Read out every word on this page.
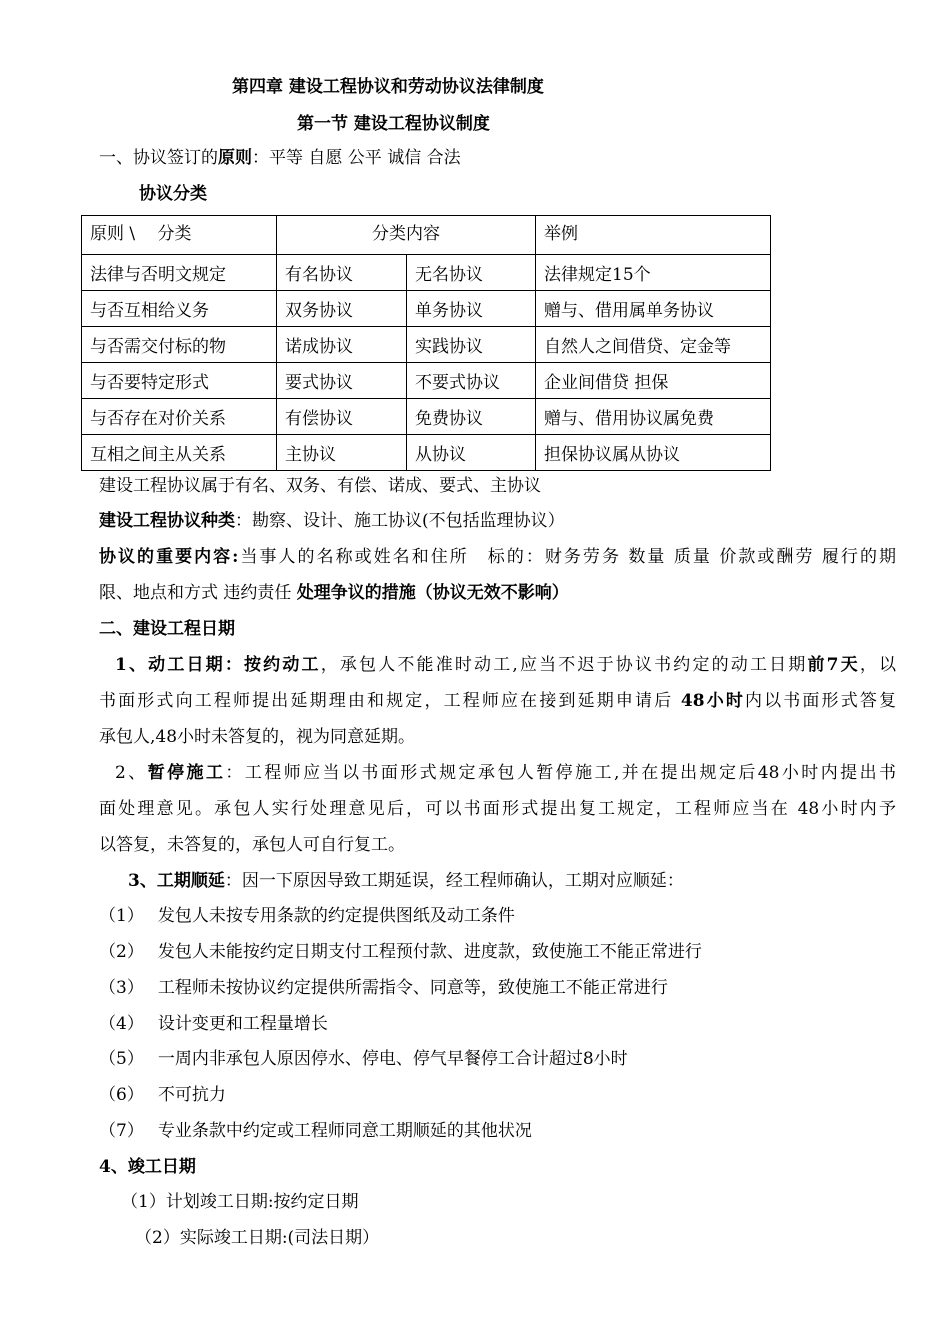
第四章 建设工程协议和劳动协议法律制度
第一节 建设工程协议制度
一、协议签订的原则：平等 自愿 公平 诚信 合法
协议分类
原则 \ 　分类	分类内容		举例
法律与否明文规定	有名协议	无名协议	法律规定15个
与否互相给义务	双务协议	单务协议	赠与、借用属单务协议
与否需交付标的物	诺成协议	实践协议	自然人之间借贷、定金等
与否要特定形式	要式协议	不要式协议	企业间借贷 担保
与否存在对价关系	有偿协议	免费协议	赠与、借用协议属免费
互相之间主从关系	主协议	从协议	担保协议属从协议
建设工程协议属于有名、双务、有偿、诺成、要式、主协议
建设工程协议种类：勘察、设计、施工协议(不包括监理协议）
协议的重要内容:当事人的名称或姓名和住所　标的：财务劳务 数量 质量 价款或酬劳 履行的期
限、地点和方式 违约责任 处理争议的措施（协议无效不影响）
二、建设工程日期
1、动工日期：按约动工，承包人不能准时动工,应当不迟于协议书约定的动工日期前7天，以
书面形式向工程师提出延期理由和规定，工程师应在接到延期申请后 48小时内以书面形式答复
承包人,48小时未答复的，视为同意延期。
2、暂停施工：工程师应当以书面形式规定承包人暂停施工,并在提出规定后48小时内提出书
面处理意见。承包人实行处理意见后，可以书面形式提出复工规定，工程师应当在 48小时内予
以答复，未答复的，承包人可自行复工。
3、工期顺延：因一下原因导致工期延误，经工程师确认，工期对应顺延：
（1） 发包人未按专用条款的约定提供图纸及动工条件
（2） 发包人未能按约定日期支付工程预付款、进度款，致使施工不能正常进行
（3） 工程师未按协议约定提供所需指令、同意等，致使施工不能正常进行
（4） 设计变更和工程量增长
（5） 一周内非承包人原因停水、停电、停气早餐停工合计超过8小时
（6） 不可抗力
（7） 专业条款中约定或工程师同意工期顺延的其他状况
4、竣工日期
（1）计划竣工日期:按约定日期
（2）实际竣工日期:(司法日期）
